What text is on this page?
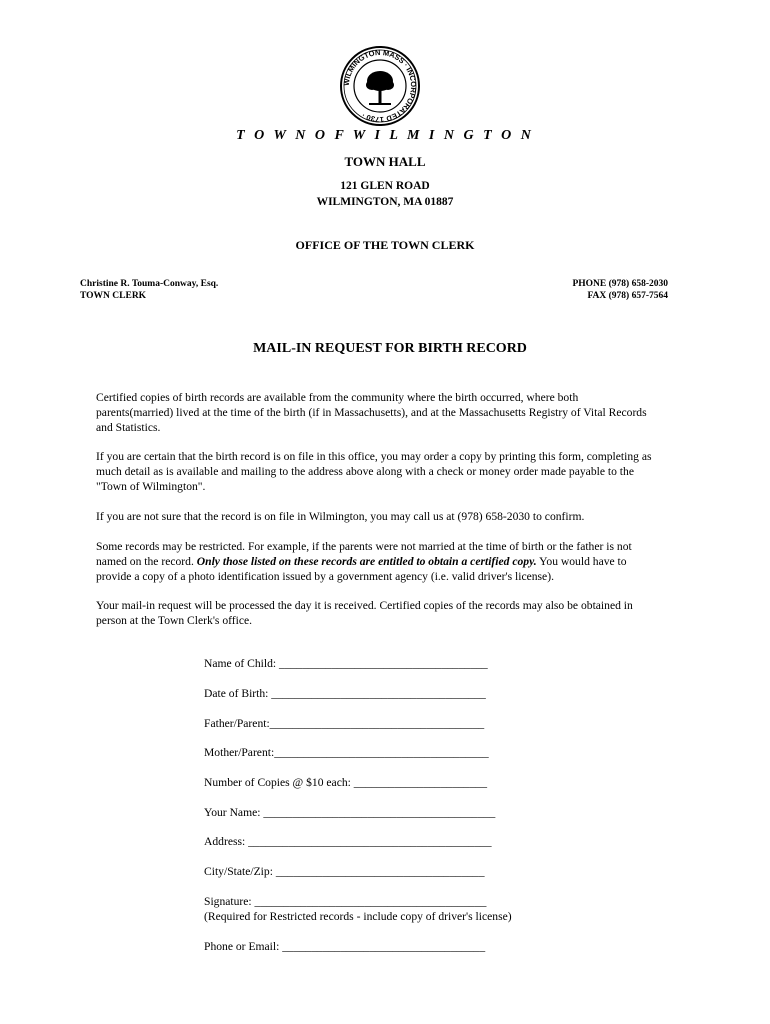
WILMINGTON MASS · INCORPORATED 1730 ·
T O W N O F W I L M I N G T O N
TOWN HALL
121 GLEN ROAD
WILMINGTON, MA 01887
OFFICE OF THE TOWN CLERK
Christine R. Touma-Conway, Esq.
TOWN CLERK
PHONE (978) 658-2030
FAX (978) 657-7564
MAIL-IN REQUEST FOR BIRTH RECORD
Certified copies of birth records are available from the community where the birth occurred, where both
parents(married) lived at the time of the birth (if in Massachusetts), and at the Massachusetts Registry of Vital Records
and Statistics.
If you are certain that the birth record is on file in this office, you may order a copy by printing this form, completing as
much detail as is available and mailing to the address above along with a check or money order made payable to the
"Town of Wilmington".
If you are not sure that the record is on file in Wilmington, you may call us at (978) 658-2030 to confirm.
Some records may be restricted. For example, if the parents were not married at the time of birth or the father is not
named on the record. Only those listed on these records are entitled to obtain a certified copy. You would have to
provide a copy of a photo identification issued by a government agency (i.e. valid driver's license).
Your mail-in request will be processed the day it is received. Certified copies of the records may also be obtained in
person at the Town Clerk's office.
Name of Child: ____________________________________
Date of Birth: _____________________________________
Father/Parent:_____________________________________
Mother/Parent:_____________________________________
Number of Copies @ $10 each: _______________________
Your Name: ________________________________________
Address: __________________________________________
City/State/Zip: ____________________________________
Signature: ________________________________________
(Required for Restricted records - include copy of driver's license)
Phone or Email: ___________________________________
